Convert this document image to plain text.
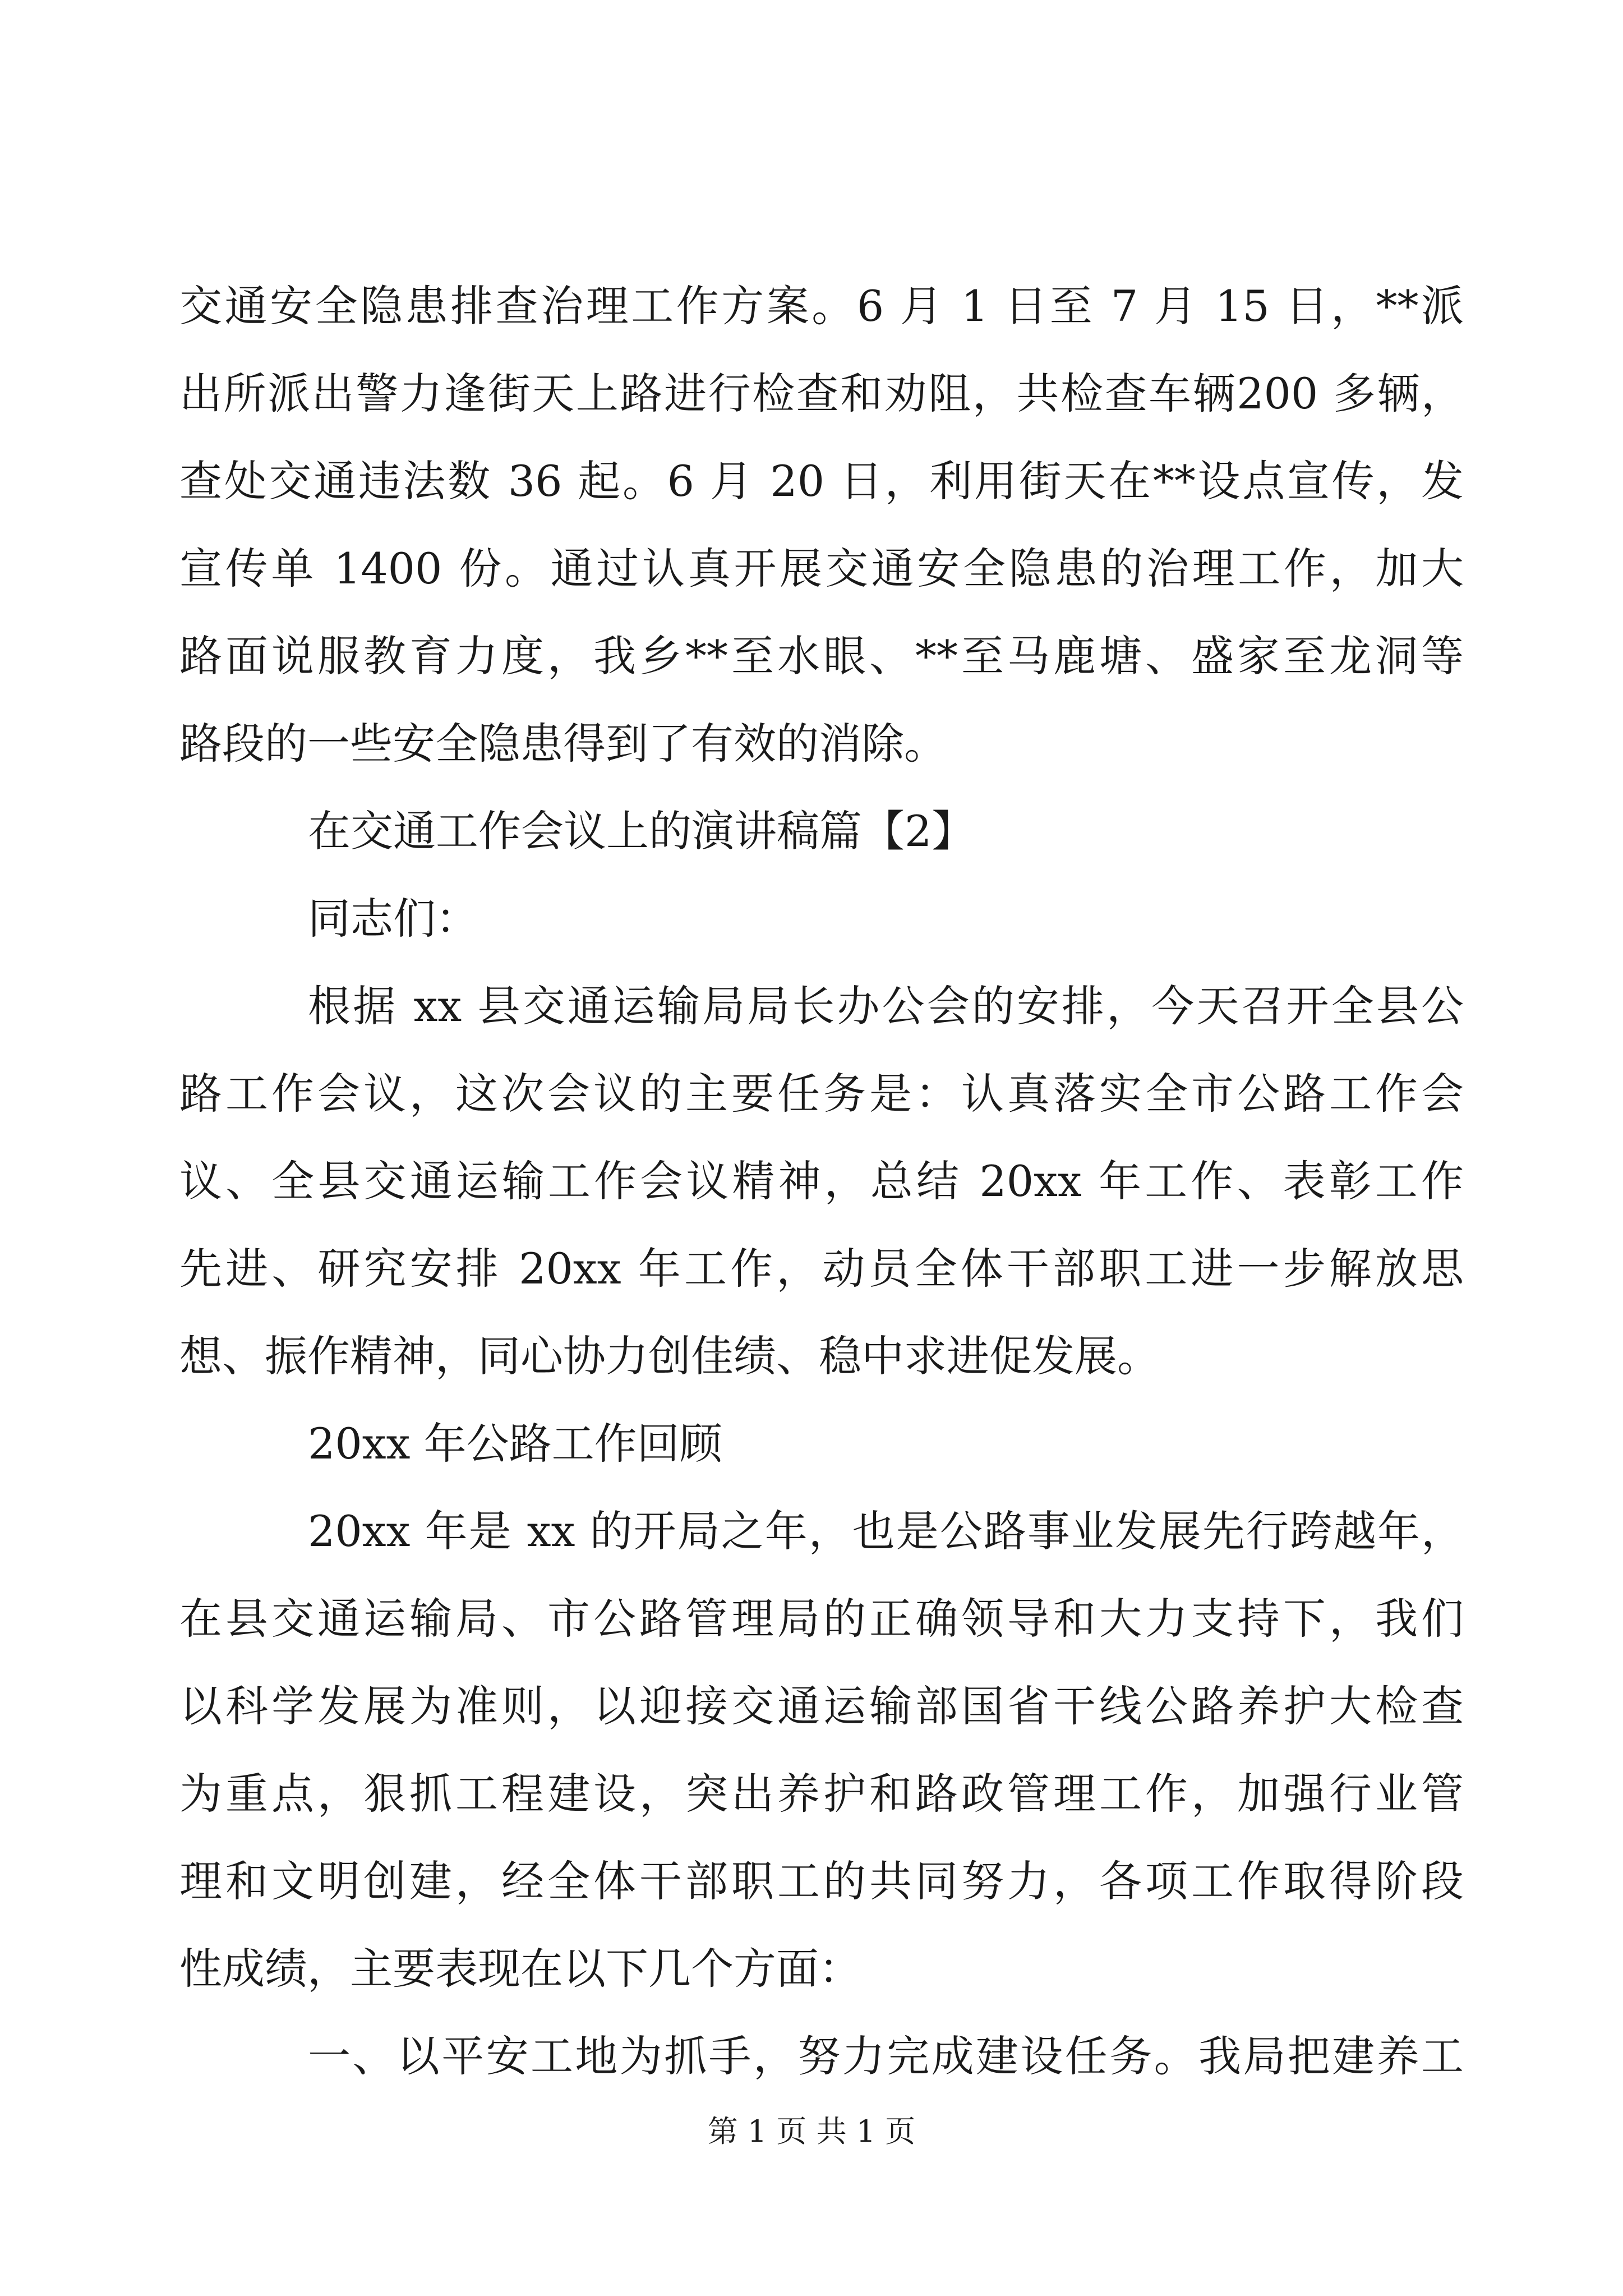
交通安全隐患排查治理工作方案。6 月 1 日至 7 月 15 日，**派
出所派出警力逢街天上路进行检查和劝阻，共检查车辆200 多辆，
查处交通违法数 36 起。6 月 20 日，利用街天在**设点宣传，发
宣传单 1400 份。通过认真开展交通安全隐患的治理工作，加大
路面说服教育力度，我乡**至水眼、**至马鹿塘、盛家至龙洞等
路段的一些安全隐患得到了有效的消除。
在交通工作会议上的演讲稿篇【2】
同志们：
根据 xx 县交通运输局局长办公会的安排，今天召开全县公
路工作会议，这次会议的主要任务是：认真落实全市公路工作会
议、全县交通运输工作会议精神，总结 20xx 年工作、表彰工作
先进、研究安排 20xx 年工作，动员全体干部职工进一步解放思
想、振作精神，同心协力创佳绩、稳中求进促发展。
20xx 年公路工作回顾
20xx 年是 xx 的开局之年，也是公路事业发展先行跨越年，
在县交通运输局、市公路管理局的正确领导和大力支持下，我们
以科学发展为准则，以迎接交通运输部国省干线公路养护大检查
为重点，狠抓工程建设，突出养护和路政管理工作，加强行业管
理和文明创建，经全体干部职工的共同努力，各项工作取得阶段
性成绩，主要表现在以下几个方面：
一、以平安工地为抓手，努力完成建设任务。我局把建养工
第 1 页 共 1 页
